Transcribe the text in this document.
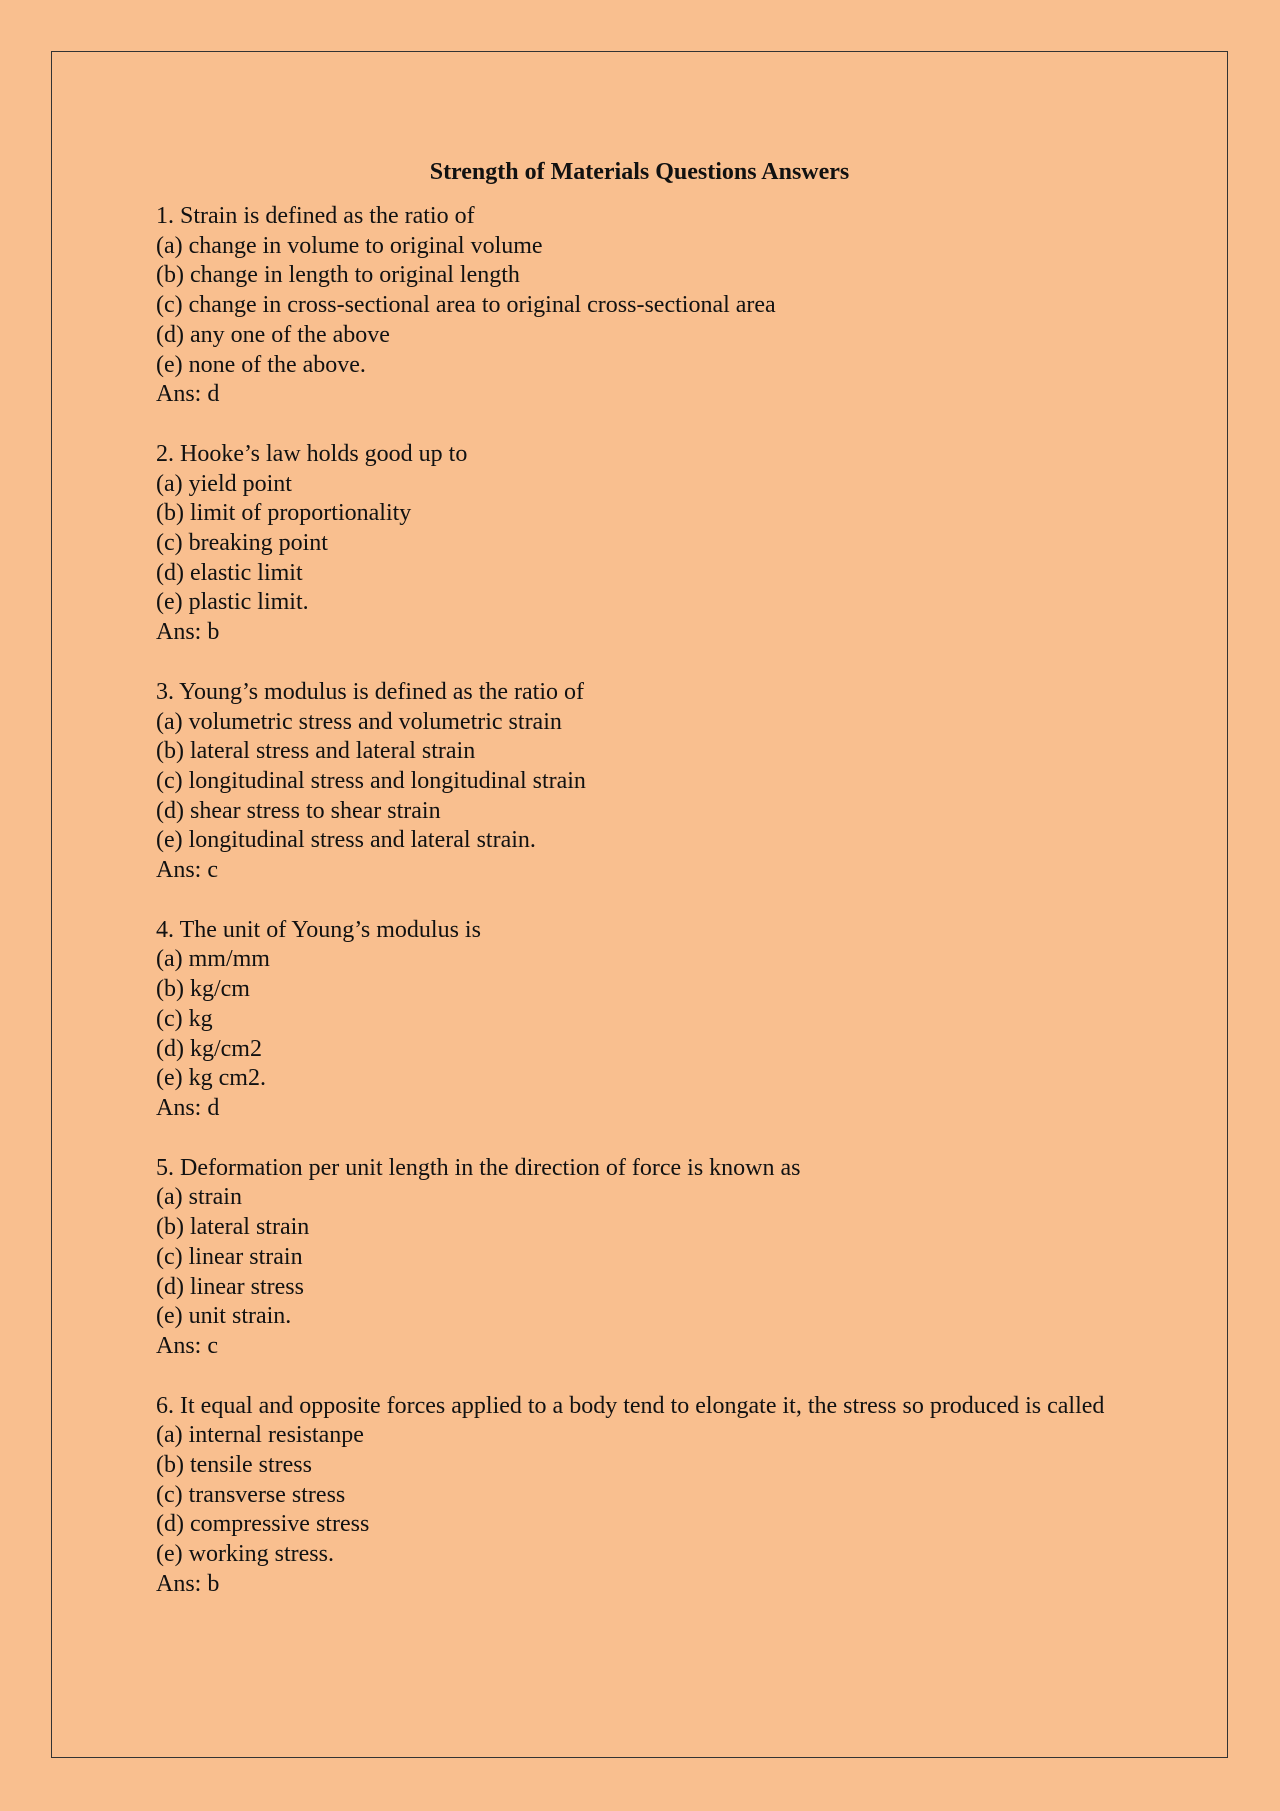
Strength of Materials Questions Answers

1. Strain is defined as the ratio of

(a) change in volume to original volume

(b) change in length to original length

(c) change in cross-sectional area to original cross-sectional area

(d) any one of the above

(e) none of the above.

Ans: d

2. Hooke’s law holds good up to

(a) yield point

(b) limit of proportionality

(c) breaking point

(d) elastic limit

(e) plastic limit.

Ans: b

3. Young’s modulus is defined as the ratio of

(a) volumetric stress and volumetric strain

(b) lateral stress and lateral strain

(c) longitudinal stress and longitudinal strain

(d) shear stress to shear strain

(e) longitudinal stress and lateral strain.

Ans: c

4. The unit of Young’s modulus is

(a) mm/mm

(b) kg/cm

(c) kg

(d) kg/cm2

(e) kg cm2.

Ans: d

5. Deformation per unit length in the direction of force is known as

(a) strain

(b) lateral strain

(c) linear strain

(d) linear stress

(e) unit strain.

Ans: c

6. It equal and opposite forces applied to a body tend to elongate it, the stress so produced is called

(a) internal resistanpe

(b) tensile stress

(c) transverse stress

(d) compressive stress

(e) working stress.

Ans: b
